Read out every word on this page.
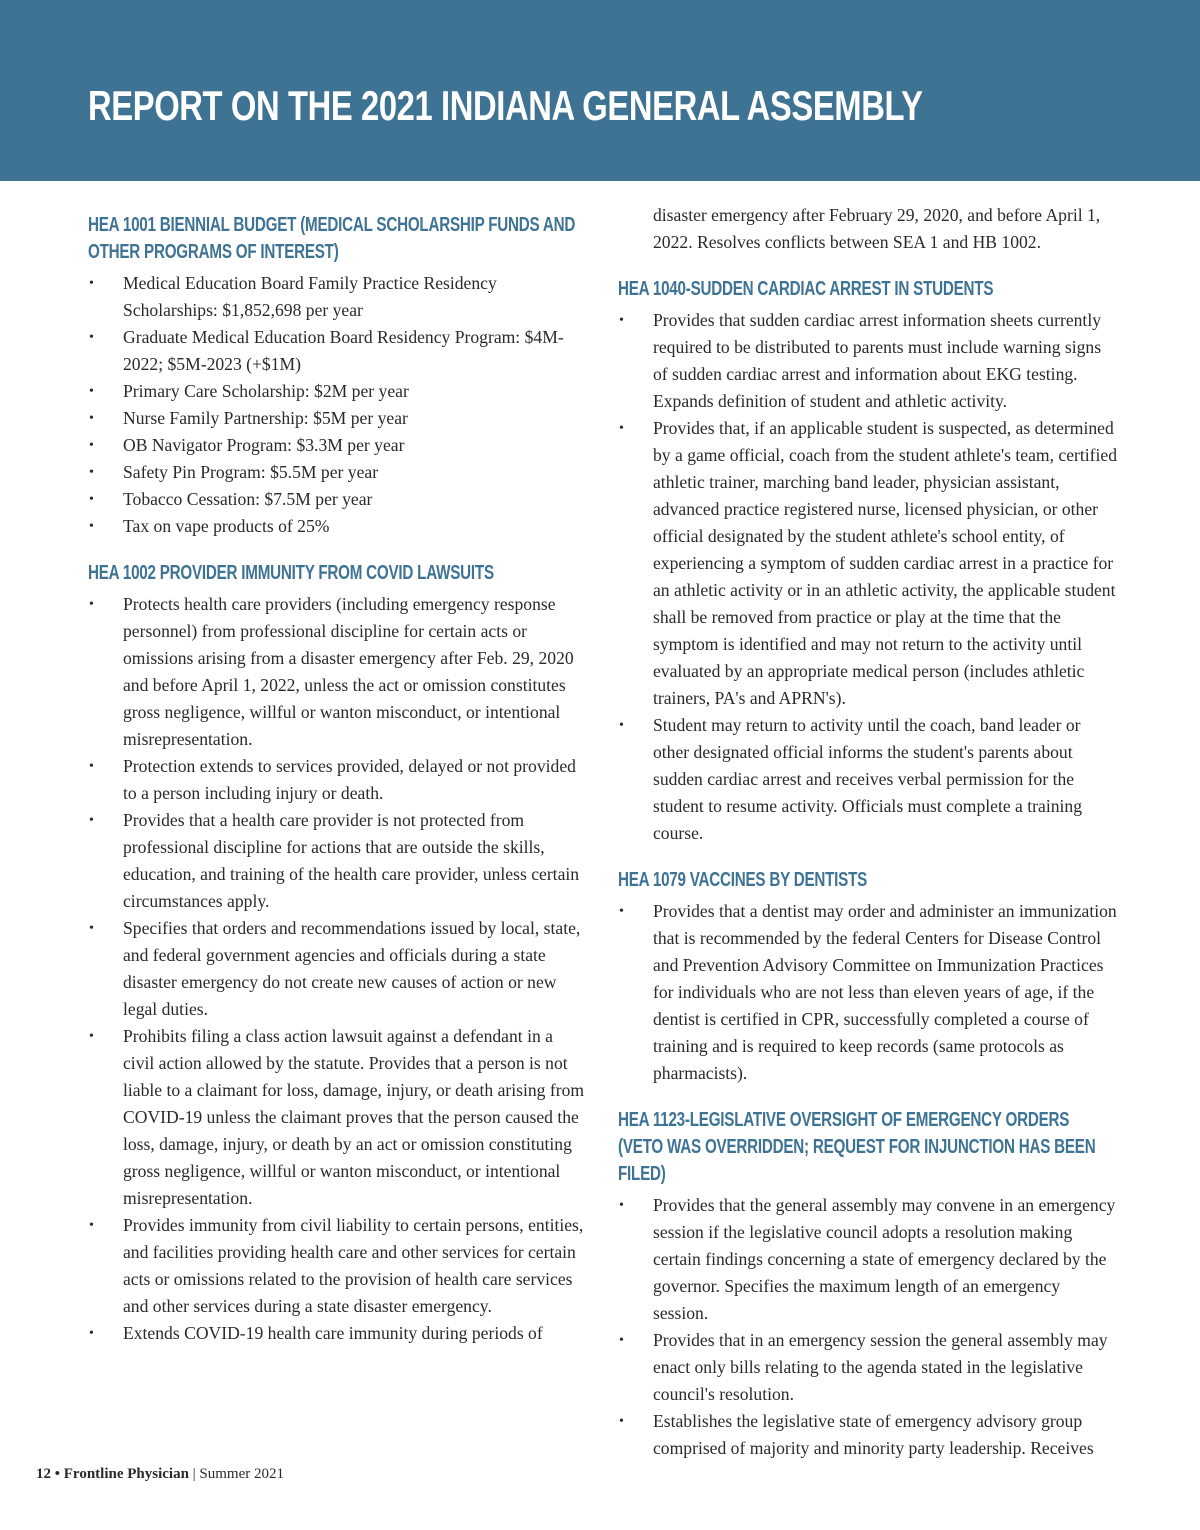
REPORT ON THE 2021 INDIANA GENERAL ASSEMBLY
HEA 1001 BIENNIAL BUDGET (MEDICAL SCHOLARSHIP FUNDS AND OTHER PROGRAMS OF INTEREST)
• Medical Education Board Family Practice Residency Scholarships: $1,852,698 per year
• Graduate Medical Education Board Residency Program: $4M-2022; $5M-2023 (+$1M)
• Primary Care Scholarship: $2M per year
• Nurse Family Partnership: $5M per year
• OB Navigator Program: $3.3M per year
• Safety Pin Program: $5.5M per year
• Tobacco Cessation: $7.5M per year
• Tax on vape products of 25%
HEA 1002 PROVIDER IMMUNITY FROM COVID LAWSUITS
• Protects health care providers (including emergency response personnel) from professional discipline for certain acts or omissions arising from a disaster emergency after Feb. 29, 2020 and before April 1, 2022, unless the act or omission constitutes gross negligence, willful or wanton misconduct, or intentional misrepresentation.
• Protection extends to services provided, delayed or not provided to a person including injury or death.
• Provides that a health care provider is not protected from professional discipline for actions that are outside the skills, education, and training of the health care provider, unless certain circumstances apply.
• Specifies that orders and recommendations issued by local, state, and federal government agencies and officials during a state disaster emergency do not create new causes of action or new legal duties.
• Prohibits filing a class action lawsuit against a defendant in a civil action allowed by the statute. Provides that a person is not liable to a claimant for loss, damage, injury, or death arising from COVID-19 unless the claimant proves that the person caused the loss, damage, injury, or death by an act or omission constituting gross negligence, willful or wanton misconduct, or intentional misrepresentation.
• Provides immunity from civil liability to certain persons, entities, and facilities providing health care and other services for certain acts or omissions related to the provision of health care services and other services during a state disaster emergency.
• Extends COVID-19 health care immunity during periods of

disaster emergency after February 29, 2020, and before April 1, 2022. Resolves conflicts between SEA 1 and HB 1002.

HEA 1040-SUDDEN CARDIAC ARREST IN STUDENTS
• Provides that sudden cardiac arrest information sheets currently required to be distributed to parents must include warning signs of sudden cardiac arrest and information about EKG testing. Expands definition of student and athletic activity.
• Provides that, if an applicable student is suspected, as determined by a game official, coach from the student athlete's team, certified athletic trainer, marching band leader, physician assistant, advanced practice registered nurse, licensed physician, or other official designated by the student athlete's school entity, of experiencing a symptom of sudden cardiac arrest in a practice for an athletic activity or in an athletic activity, the applicable student shall be removed from practice or play at the time that the symptom is identified and may not return to the activity until evaluated by an appropriate medical person (includes athletic trainers, PA's and APRN's).
• Student may return to activity until the coach, band leader or other designated official informs the student's parents about sudden cardiac arrest and receives verbal permission for the student to resume activity. Officials must complete a training course.
HEA 1079 VACCINES BY DENTISTS
• Provides that a dentist may order and administer an immunization that is recommended by the federal Centers for Disease Control and Prevention Advisory Committee on Immunization Practices for individuals who are not less than eleven years of age, if the dentist is certified in CPR, successfully completed a course of training and is required to keep records (same protocols as pharmacists).
HEA 1123-LEGISLATIVE OVERSIGHT OF EMERGENCY ORDERS (VETO WAS OVERRIDDEN; REQUEST FOR INJUNCTION HAS BEEN FILED)
• Provides that the general assembly may convene in an emergency session if the legislative council adopts a resolution making certain findings concerning a state of emergency declared by the governor. Specifies the maximum length of an emergency session.
• Provides that in an emergency session the general assembly may enact only bills relating to the agenda stated in the legislative council's resolution.
• Establishes the legislative state of emergency advisory group comprised of majority and minority party leadership. Receives
12 • Frontline Physician | Summer 2021
